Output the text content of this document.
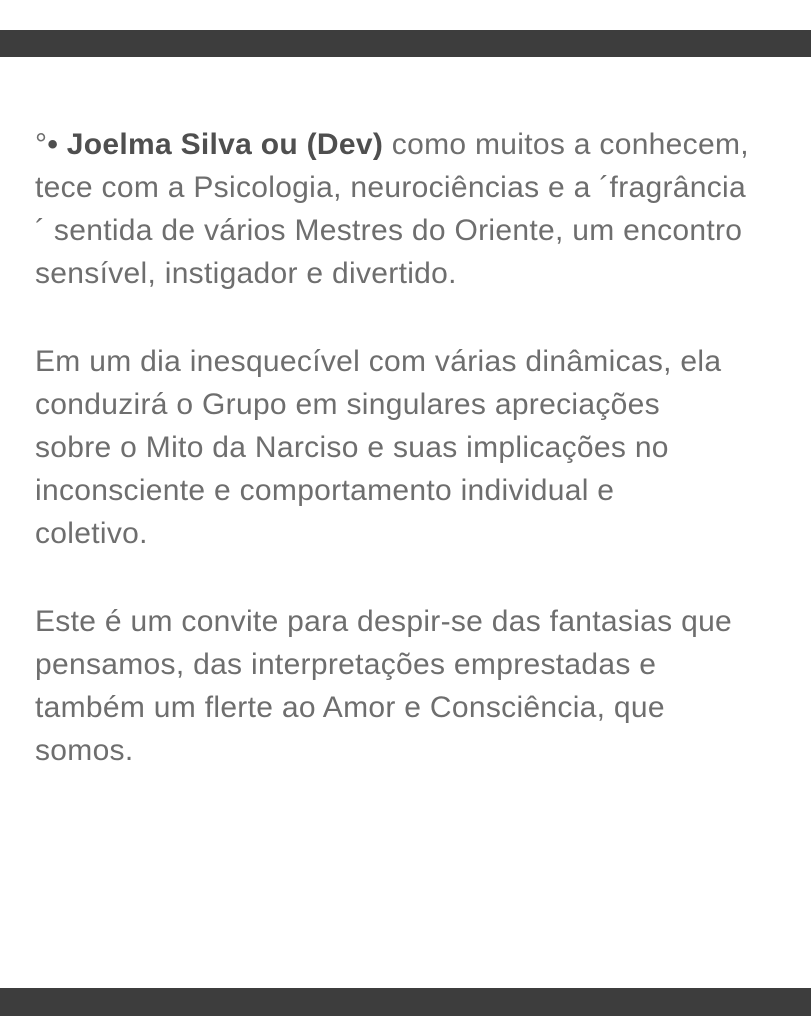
°• Joelma Silva ou (Dev) como muitos a conhecem,
tece com a Psicologia, neurociências e a ´fragrância
´ sentida de vários Mestres do Oriente, um encontro
sensível, instigador e divertido.

Em um dia inesquecível com várias dinâmicas, ela
conduzirá o Grupo em singulares apreciações
sobre o Mito da Narciso e suas implicações no
inconsciente e comportamento individual e
coletivo.

Este é um convite para despir-se das fantasias que
pensamos, das interpretações emprestadas e
também um flerte ao Amor e Consciência, que
somos.
